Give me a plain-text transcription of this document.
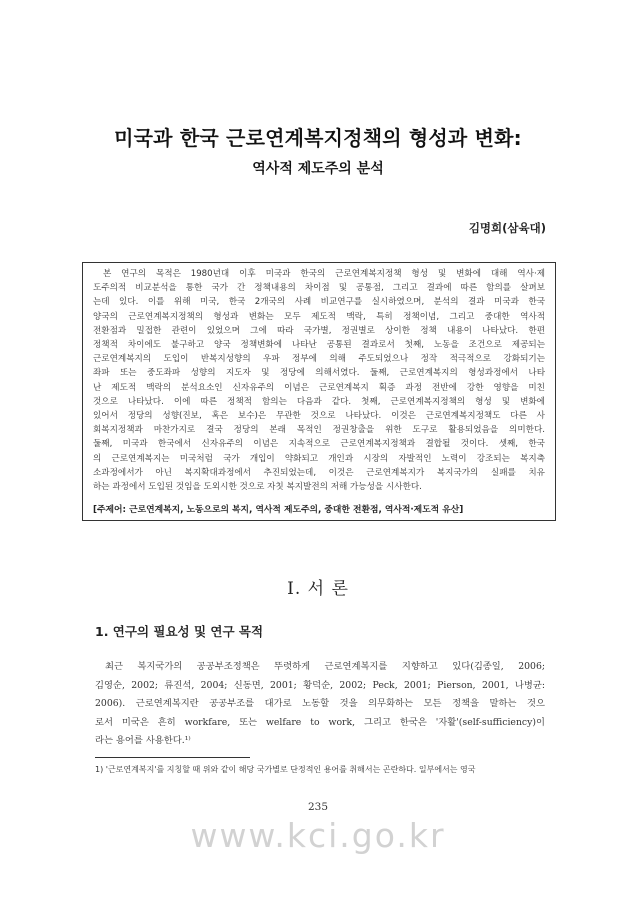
미국과 한국 근로연계복지정책의 형성과 변화:
역사적 제도주의 분석
김명희(삼육대)
본 연구의 목적은 1980년대 이후 미국과 한국의 근로연계복지정책 형성 및 변화에 대해 역사·제
도주의적 비교분석을 통한 국가 간 정책내용의 차이점 및 공통점, 그리고 결과에 따른 함의를 살펴보
는데 있다. 이를 위해 미국, 한국 2개국의 사례 비교연구를 실시하였으며, 분석의 결과 미국과 한국
양국의 근로연계복지정책의 형성과 변화는 모두 제도적 맥락, 특히 정책이념, 그리고 중대한 역사적
전환점과 밀접한 관련이 있었으며 그에 따라 국가별, 정권별로 상이한 정책 내용이 나타났다. 한편
정책적 차이에도 불구하고 양국 정책변화에 나타난 공통된 결과로서 첫째, 노동을 조건으로 제공되는
근로연계복지의 도입이 반복지성향의 우파 정부에 의해 주도되었으나 정작 적극적으로 강화되기는
좌파 또는 중도좌파 성향의 지도자 및 정당에 의해서였다. 둘째, 근로연계복지의 형성과정에서 나타
난 제도적 맥락의 분석요소인 신자유주의 이념은 근로연계복지 획증 과정 전반에 강한 영향을 미친
것으로 나타났다. 이에 따른 정책적 함의는 다음과 같다. 첫째, 근로연계복지정책의 형성 및 변화에
있어서 정당의 성향(진보, 혹은 보수)은 무관한 것으로 나타났다. 이것은 근로연계복지정책도 다른 사
회복지정책과 마찬가지로 결국 정당의 본래 목적인 정권창출을 위한 도구로 활용되었음을 의미한다.
둘째, 미국과 한국에서 신자유주의 이념은 지속적으로 근로연계복지정책과 결합될 것이다. 셋째, 한국
의 근로연계복지는 미국처럼 국가 개입이 약화되고 개인과 시장의 자발적인 노력이 강조되는 복지축
소과정에서가 아닌 복지확대과정에서 추진되었는데, 이것은 근로연계복지가 복지국가의 실패를 치유
하는 과정에서 도입된 것임을 도외시한 것으로 자칫 복지발전의 저해 가능성을 시사한다.
[주제어: 근로연계복지, 노동으로의 복지, 역사적 제도주의, 중대한 전환점, 역사적·제도적 유산]
I. 서 론
1. 연구의 필요성 및 연구 목적
최근 복지국가의 공공부조정책은 뚜렷하게 근로연계복지를 지향하고 있다(김종일, 2006;
김영순, 2002; 류진석, 2004; 신동면, 2001; 황덕순, 2002; Peck, 2001; Pierson, 2001, 나병균:
2006). 근로연계복지란 공공부조를 대가로 노동할 것을 의무화하는 모든 정책을 말하는 것으
로서 미국은 흔히 workfare, 또는 welfare to work, 그리고 한국은 '자활'(self-sufficiency)이
라는 용어를 사용한다.¹⁾
1) '근로연계복지'를 지칭할 때 위와 같이 해당 국가별로 단정적인 용어를 취해서는 곤란하다. 일부에서는 영국
235
www.kci.go.kr
